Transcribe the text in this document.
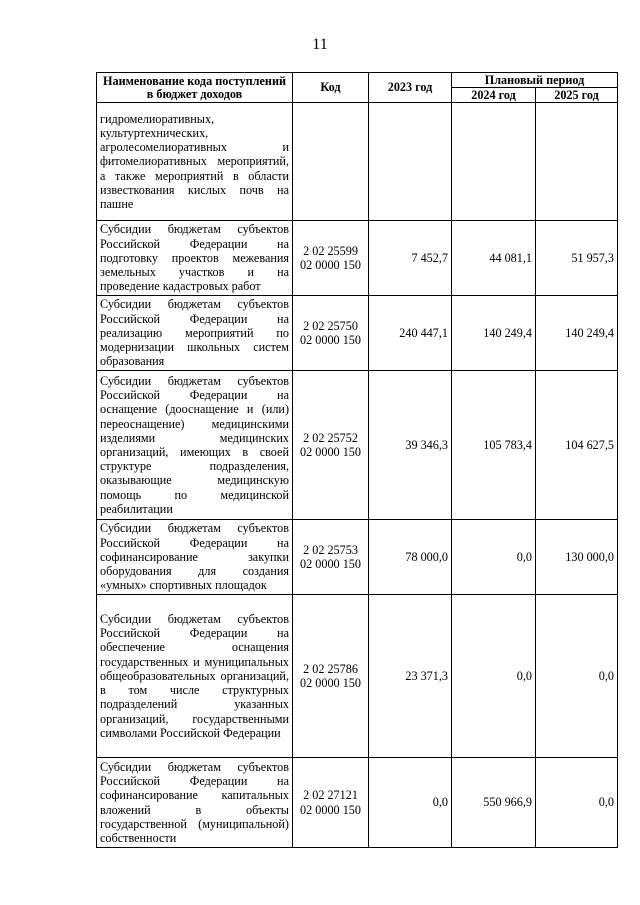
11
Наименование кода поступлений в бюджет доходов	Код	2023 год	Плановый период	
			2024 год	2025 год
гидромелиоративных, культуртехнических, агролесомелиоративных и фитомелиоративных мероприятий, а также мероприятий в области известкования кислых почв на пашне				
Субсидии бюджетам субъектов Российской Федерации на подготовку проектов межевания земельных участков и на проведение кадастровых работ	2 02 25599 02 0000 150	7 452,7	44 081,1	51 957,3
Субсидии бюджетам субъектов Российской Федерации на реализацию мероприятий по модернизации школьных систем образования	2 02 25750 02 0000 150	240 447,1	140 249,4	140 249,4
Субсидии бюджетам субъектов Российской Федерации на оснащение (дооснащение и (или) переоснащение) медицинскими изделиями медицинских организаций, имеющих в своей структуре подразделения, оказывающие медицинскую помощь по медицинской реабилитации	2 02 25752 02 0000 150	39 346,3	105 783,4	104 627,5
Субсидии бюджетам субъектов Российской Федерации на софинансирование закупки оборудования для создания «умных» спортивных площадок	2 02 25753 02 0000 150	78 000,0	0,0	130 000,0
Субсидии бюджетам субъектов Российской Федерации на обеспечение оснащения государственных и муниципальных общеобразовательных организаций, в том числе структурных подразделений указанных организаций, государственными символами Российской Федерации	2 02 25786 02 0000 150	23 371,3	0,0	0,0
Субсидии бюджетам субъектов Российской Федерации на софинансирование капитальных вложений в объекты государственной (муниципальной) собственности	2 02 27121 02 0000 150	0,0	550 966,9	0,0
